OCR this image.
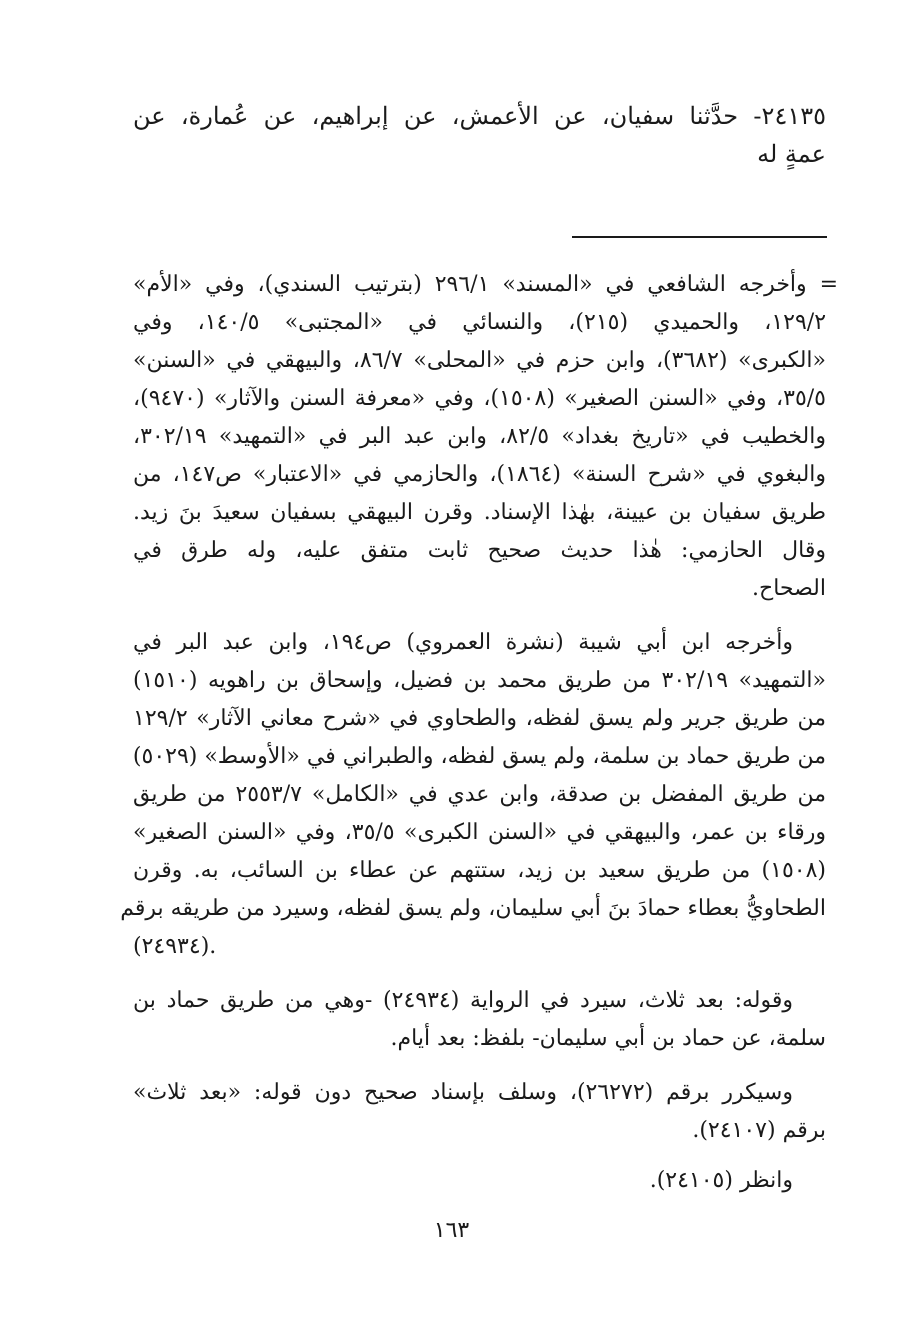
٢٤١٣٥- حدَّثنا سفيان، عن الأعمش، عن إبراهيم، عن عُمارة، عن
عمةٍ له
= وأخرجه الشافعي في «المسند» ٢٩٦/١ (بترتيب السندي)، وفي «الأم»
١٢٩/٢، والحميدي (٢١٥)، والنسائي في «المجتبى» ١٤٠/٥، وفي
«الكبرى» (٣٦٨٢)، وابن حزم في «المحلى» ٨٦/٧، والبيهقي في «السنن»
٣٥/٥، وفي «السنن الصغير» (١٥٠٨)، وفي «معرفة السنن والآثار» (٩٤٧٠)،
والخطيب في «تاريخ بغداد» ٨٢/٥، وابن عبد البر في «التمهيد» ٣٠٢/١٩،
والبغوي في «شرح السنة» (١٨٦٤)، والحازمي في «الاعتبار» ص١٤٧، من
طريق سفيان بن عيينة، بهٰذا الإسناد. وقرن البيهقي بسفيان سعيدَ بنَ زيد.
وقال الحازمي: هٰذا حديث صحيح ثابت متفق عليه، وله طرق في
الصحاح.
وأخرجه ابن أبي شيبة (نشرة العمروي) ص١٩٤، وابن عبد البر في
«التمهيد» ٣٠٢/١٩ من طريق محمد بن فضيل، وإسحاق بن راهويه (١٥١٠)
من طريق جرير ولم يسق لفظه، والطحاوي في «شرح معاني الآثار» ١٢٩/٢
من طريق حماد بن سلمة، ولم يسق لفظه، والطبراني في «الأوسط» (٥٠٢٩)
من طريق المفضل بن صدقة، وابن عدي في «الكامل» ٢٥٥٣/٧ من طريق
ورقاء بن عمر، والبيهقي في «السنن الكبرى» ٣٥/٥، وفي «السنن الصغير»
(١٥٠٨) من طريق سعيد بن زيد، ستتهم عن عطاء بن السائب، به. وقرن
الطحاويُّ بعطاء حمادَ بنَ أبي سليمان، ولم يسق لفظه، وسيرد من طريقه برقم
(٢٤٩٣٤).
وقوله: بعد ثلاث، سيرد في الرواية (٢٤٩٣٤) -وهي من طريق حماد بن
سلمة، عن حماد بن أبي سليمان- بلفظ: بعد أيام.
وسيكرر برقم (٢٦٢٧٢)، وسلف بإسناد صحيح دون قوله: «بعد ثلاث»
برقم (٢٤١٠٧).
وانظر (٢٤١٠٥).
١٦٣
